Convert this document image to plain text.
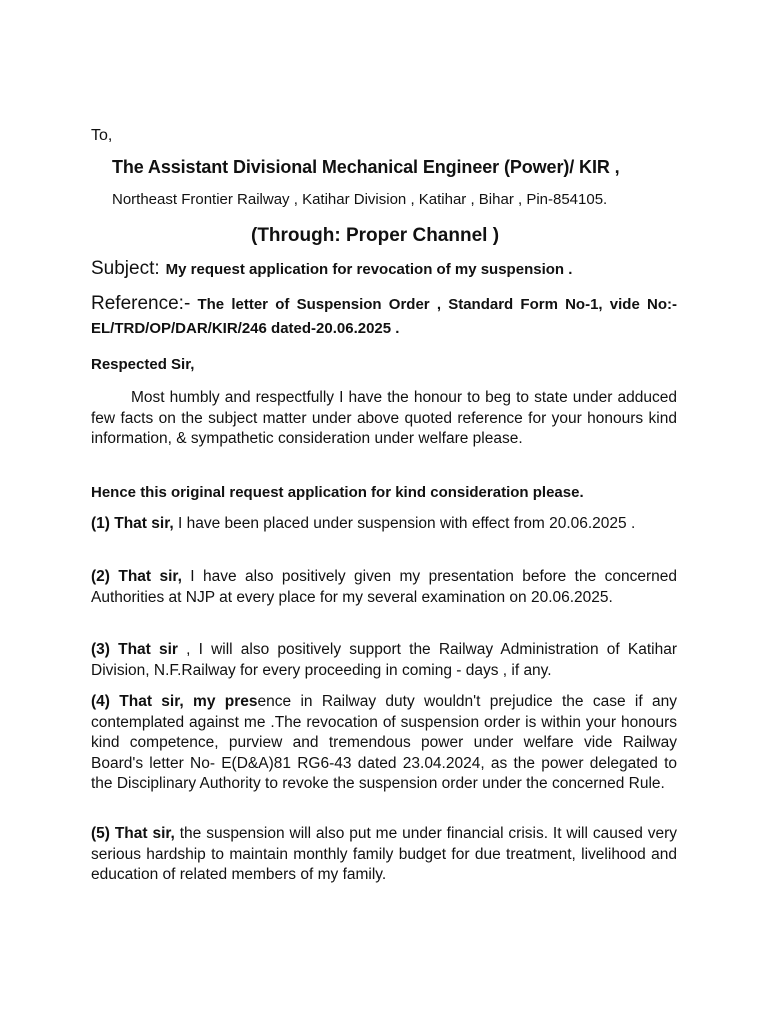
To,
The Assistant Divisional Mechanical Engineer (Power)/ KIR ,
Northeast Frontier Railway , Katihar Division , Katihar , Bihar , Pin-854105.
(Through: Proper Channel )
Subject: My request application for revocation of my suspension .
Reference:- The letter of Suspension Order , Standard Form No-1, vide No:-EL/TRD/OP/DAR/KIR/246 dated-20.06.2025 .
Respected Sir,
Most humbly and respectfully I have the honour to beg to state under adduced few facts on the subject matter under above quoted reference for your honours kind information, & sympathetic consideration under welfare please.
Hence this original request application for kind consideration please.
(1) That sir, I have been placed under suspension with effect from 20.06.2025 .
(2) That sir, I have also positively given my presentation before the concerned Authorities at NJP at every place for my several examination on 20.06.2025.
(3) That sir , I will also positively support the Railway Administration of Katihar Division, N.F.Railway for every proceeding in coming - days , if any.
(4) That sir, my presence in Railway duty wouldn't prejudice the case if any contemplated against me .The revocation of suspension order is within your honours kind competence, purview and tremendous power under welfare vide Railway Board's letter No- E(D&A)81 RG6-43 dated 23.04.2024, as the power delegated to the Disciplinary Authority to revoke the suspension order under the concerned Rule.
(5) That sir, the suspension will also put me under financial crisis. It will caused very serious hardship to maintain monthly family budget for due treatment, livelihood and education of related members of my family.
